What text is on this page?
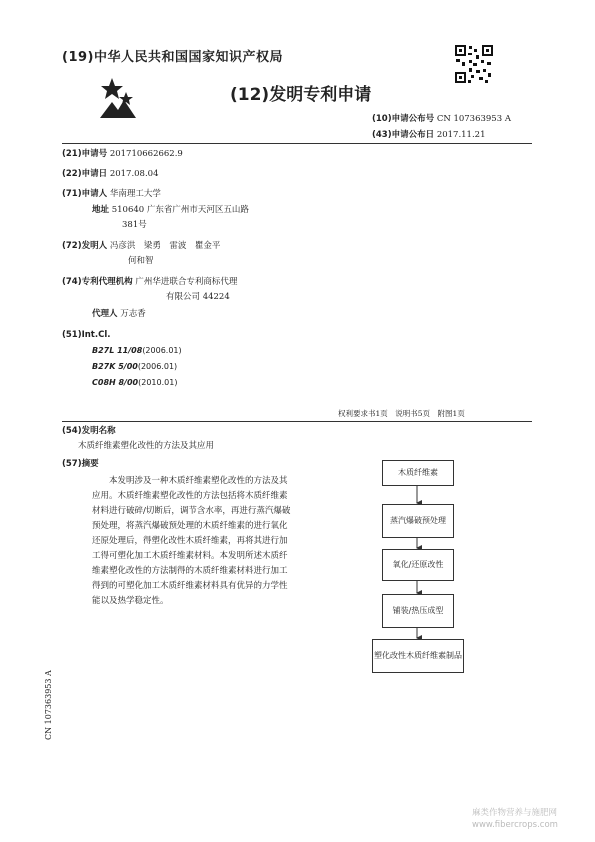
(19)中华人民共和国国家知识产权局
(12)发明专利申请
(10)申请公布号 CN 107363953 A
(43)申请公布日 2017.11.21
(21)申请号 201710662662.9
(22)申请日 2017.08.04
(71)申请人 华南理工大学
地址 510640 广东省广州市天河区五山路
381号
(72)发明人 冯彦洪　梁勇　雷波　瞿金平
何和智
(74)专利代理机构 广州华进联合专利商标代理
有限公司 44224
代理人 万志香
(51)Int.Cl.
B27L 11/08(2006.01)
B27K 5/00(2006.01)
C08H 8/00(2010.01)
权利要求书1页　说明书5页　附图1页
(54)发明名称
木质纤维素塑化改性的方法及其应用
(57)摘要
　　本发明涉及一种木质纤维素塑化改性的方法及其应用。木质纤维素塑化改性的方法包括将木质纤维素材料进行破碎/切断后，调节含水率，再进行蒸汽爆破预处理，将蒸汽爆破预处理的木质纤维素的进行氧化还原处理后，得塑化改性木质纤维素，再将其进行加工得可塑化加工木质纤维素材料。本发明所述木质纤维素塑化改性的方法制得的木质纤维素材料进行加工得到的可塑化加工木质纤维素材料具有优异的力学性能以及热学稳定性。
木质纤维素
蒸汽爆破预处理
氧化/还原改性
铺装/热压成型
塑化改性木质纤维素制品
CN 107363953 A
麻类作物营养与施肥网
www.fibercrops.com
